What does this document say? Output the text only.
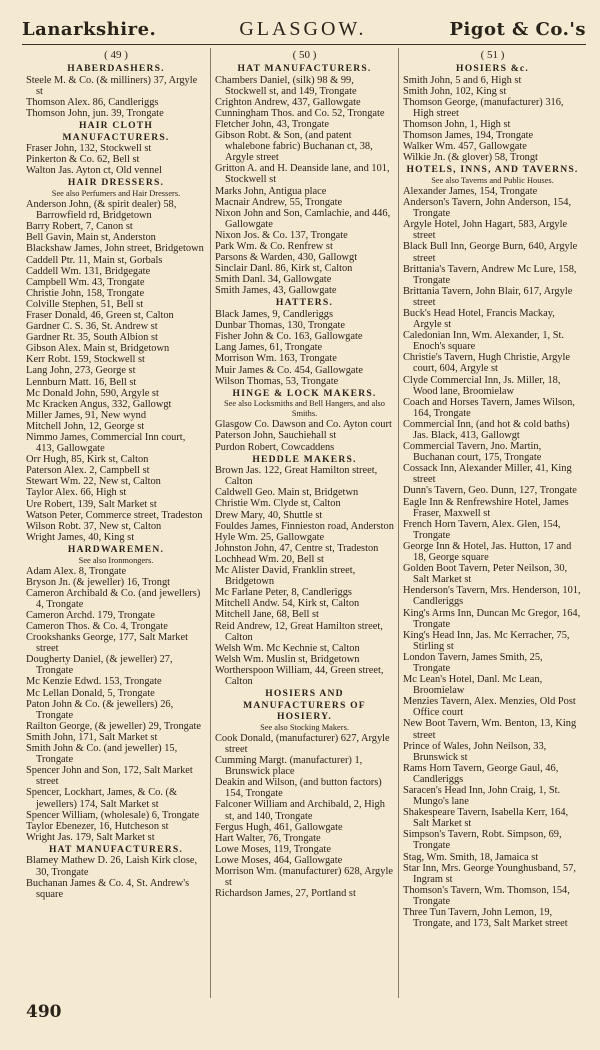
Lanarkshire.	GLASGOW.	Pigot & Co.'s
( 49 )
HABERDASHERS.
Steele M. & Co. (& milliners) 37, Argyle st
Thomson Alex. 86, Candleriggs
Thomson John, jun. 39, Trongate
HAIR CLOTH MANUFACTURERS.
Fraser John, 132, Stockwell st
Pinkerton & Co. 62, Bell st
Walton Jas. Ayton ct, Old vennel
HAIR DRESSERS.
See also Perfumers and Hair Dressers.
Anderson John, (& spirit dealer) 58, Barrowfield rd, Bridgetown
Barry Robert, 7, Canon st
Bell Gavin, Main st, Anderston
Blackshaw James, John street, Bridgetown
Caddell Ptr. 11, Main st, Gorbals
Caddell Wm. 131, Bridgegate
Campbell Wm. 43, Trongate
Christie John, 158, Trongate
Colville Stephen, 51, Bell st
Fraser Donald, 46, Green st, Calton
Gardner C. S. 36, St. Andrew st
Gardner Rt. 35, South Albion st
Gibson Alex. Main st, Bridgetown
Kerr Robt. 159, Stockwell st
Lang John, 273, George st
Lennburn Matt. 16, Bell st
Mc Donald John, 590, Argyle st
Mc Kracken Angus, 332, Gallowgt
Miller James, 91, New wynd
Mitchell John, 12, George st
Nimmo James, Commercial Inn court, 413, Gallowgate
Orr Hugh, 85, Kirk st, Calton
Paterson Alex. 2, Campbell st
Stewart Wm. 22, New st, Calton
Taylor Alex. 66, High st
Ure Robert, 139, Salt Market st
Watson Peter, Commerce street, Tradeston
Wilson Robt. 37, New st, Calton
Wright James, 40, King st
HARDWAREMEN.
See also Ironmongers.
Adam Alex. 8, Trongate
Bryson Jn. (& jeweller) 16, Trongt
Cameron Archibald & Co. (and jewellers) 4, Trongate
Cameron Archd. 179, Trongate
Cameron Thos. & Co. 4, Trongate
Crookshanks George, 177, Salt Market street
Dougherty Daniel, (& jeweller) 27, Trongate
Mc Kenzie Edwd. 153, Trongate
Mc Lellan Donald, 5, Trongate
Paton John & Co. (& jewellers) 26, Trongate
Railton George, (& jeweller) 29, Trongate
Smith John, 171, Salt Market st
Smith John & Co. (and jeweller) 15, Trongate
Spencer John and Son, 172, Salt Market street
Spencer, Lockhart, James, & Co. (& jewellers) 174, Salt Market st
Spencer William, (wholesale) 6, Trongate
Taylor Ebenezer, 16, Hutcheson st
Wright Jas. 179, Salt Market st
HAT MANUFACTURERS.
Blamey Mathew D. 26, Laish Kirk close, 30, Trongate
Buchanan James & Co. 4, St. Andrew's square
( 50 )
HAT MANUFACTURERS.
Chambers Daniel, (silk) 98 & 99, Stockwell st, and 149, Trongate
Crighton Andrew, 437, Gallowgate
Cunningham Thos. and Co. 52, Trongate
Fletcher John, 43, Trongate
Gibson Robt. & Son, (and patent whalebone fabric) Buchanan ct, 38, Argyle street
Gritton A. and H. Deanside lane, and 101, Stockwell st
Marks John, Antigua place
Macnair Andrew, 55, Trongate
Nixon John and Son, Camlachie, and 446, Gallowgate
Nixon Jos. & Co. 137, Trongate
Park Wm. & Co. Renfrew st
Parsons & Warden, 430, Gallowgt
Sinclair Danl. 86, Kirk st, Calton
Smith Danl. 34, Gallowgate
Smith James, 43, Gallowgate
HATTERS.
Black James, 9, Candleriggs
Dunbar Thomas, 130, Trongate
Fisher John & Co. 163, Gallowgate
Lang James, 61, Trongate
Morrison Wm. 163, Trongate
Muir James & Co. 454, Gallowgate
Wilson Thomas, 53, Trongate
HINGE & LOCK MAKERS.
See also Locksmiths and Bell Hangers, and also Smiths.
Glasgow Co. Dawson and Co. Ayton court
Paterson John, Sauchiehall st
Purdon Robert, Cowcaddens
HEDDLE MAKERS.
Brown Jas. 122, Great Hamilton street, Calton
Caldwell Geo. Main st, Bridgetwn
Christie Wm. Clyde st, Calton
Drew Mary, 40, Shuttle st
Fouldes James, Finnieston road, Anderston
Hyle Wm. 25, Gallowgate
Johnston John, 47, Centre st, Tradeston
Lochhead Wm. 20, Bell st
Mc Alister David, Franklin street, Bridgetown
Mc Farlane Peter, 8, Candleriggs
Mitchell Andw. 54, Kirk st, Calton
Mitchell Jane, 68, Bell st
Reid Andrew, 12, Great Hamilton street, Calton
Welsh Wm. Mc Kechnie st, Calton
Welsh Wm. Muslin st, Bridgetown
Wortherspoon William, 44, Green street, Calton
HOSIERS AND MANUFACTURERS OF HOSIERY.
See also Stocking Makers.
Cook Donald, (manufacturer) 627, Argyle street
Cumming Margt. (manufacturer) 1, Brunswick place
Deakin and Wilson, (and button factors) 154, Trongate
Falconer William and Archibald, 2, High st, and 140, Trongate
Fergus Hugh, 461, Gallowgate
Hart Walter, 76, Trongate
Lowe Moses, 119, Trongate
Lowe Moses, 464, Gallowgate
Morrison Wm. (manufacturer) 628, Argyle st
Richardson James, 27, Portland st
( 51 )
HOSIERS &c.
Smith John, 5 and 6, High st
Smith John, 102, King st
Thomson George, (manufacturer) 316, High street
Thomson John, 1, High st
Thomson James, 194, Trongate
Walker Wm. 457, Gallowgate
Wilkie Jn. (& glover) 58, Trongt
HOTELS, INNS, AND TAVERNS.
See also Taverns and Public Houses.
Alexander James, 154, Trongate
Anderson's Tavern, John Anderson, 154, Trongate
Argyle Hotel, John Hagart, 583, Argyle street
Black Bull Inn, George Burn, 640, Argyle street
Brittania's Tavern, Andrew Mc Lure, 158, Trongate
Brittania Tavern, John Blair, 617, Argyle street
Buck's Head Hotel, Francis Mackay, Argyle st
Caledonian Inn, Wm. Alexander, 1, St. Enoch's square
Christie's Tavern, Hugh Christie, Argyle court, 604, Argyle st
Clyde Commercial Inn, Js. Miller, 18, Wood lane, Broomielaw
Coach and Horses Tavern, James Wilson, 164, Trongate
Commercial Inn, (and hot & cold baths) Jas. Black, 413, Gallowgt
Commercial Tavern, Jno. Martin, Buchanan court, 175, Trongate
Cossack Inn, Alexander Miller, 41, King street
Dunn's Tavern, Geo. Dunn, 127, Trongate
Eagle Inn & Renfrewshire Hotel, James Fraser, Maxwell st
French Horn Tavern, Alex. Glen, 154, Trongate
George Inn & Hotel, Jas. Hutton, 17 and 18, George square
Golden Boot Tavern, Peter Neilson, 30, Salt Market st
Henderson's Tavern, Mrs. Henderson, 101, Candleriggs
King's Arms Inn, Duncan Mc Gregor, 164, Trongate
King's Head Inn, Jas. Mc Kerracher, 75, Stirling st
London Tavern, James Smith, 25, Trongate
Mc Lean's Hotel, Danl. Mc Lean, Broomielaw
Menzies Tavern, Alex. Menzies, Old Post Office court
New Boot Tavern, Wm. Benton, 13, King street
Prince of Wales, John Neilson, 33, Brunswick st
Rams Horn Tavern, George Gaul, 46, Candleriggs
Saracen's Head Inn, John Craig, 1, St. Mungo's lane
Shakespeare Tavern, Isabella Kerr, 164, Salt Market st
Simpson's Tavern, Robt. Simpson, 69, Trongate
Stag, Wm. Smith, 18, Jamaica st
Star Inn, Mrs. George Younghusband, 57, Ingram st
Thomson's Tavern, Wm. Thomson, 154, Trongate
Three Tun Tavern, John Lemon, 19, Trongate, and 173, Salt Market street
490
